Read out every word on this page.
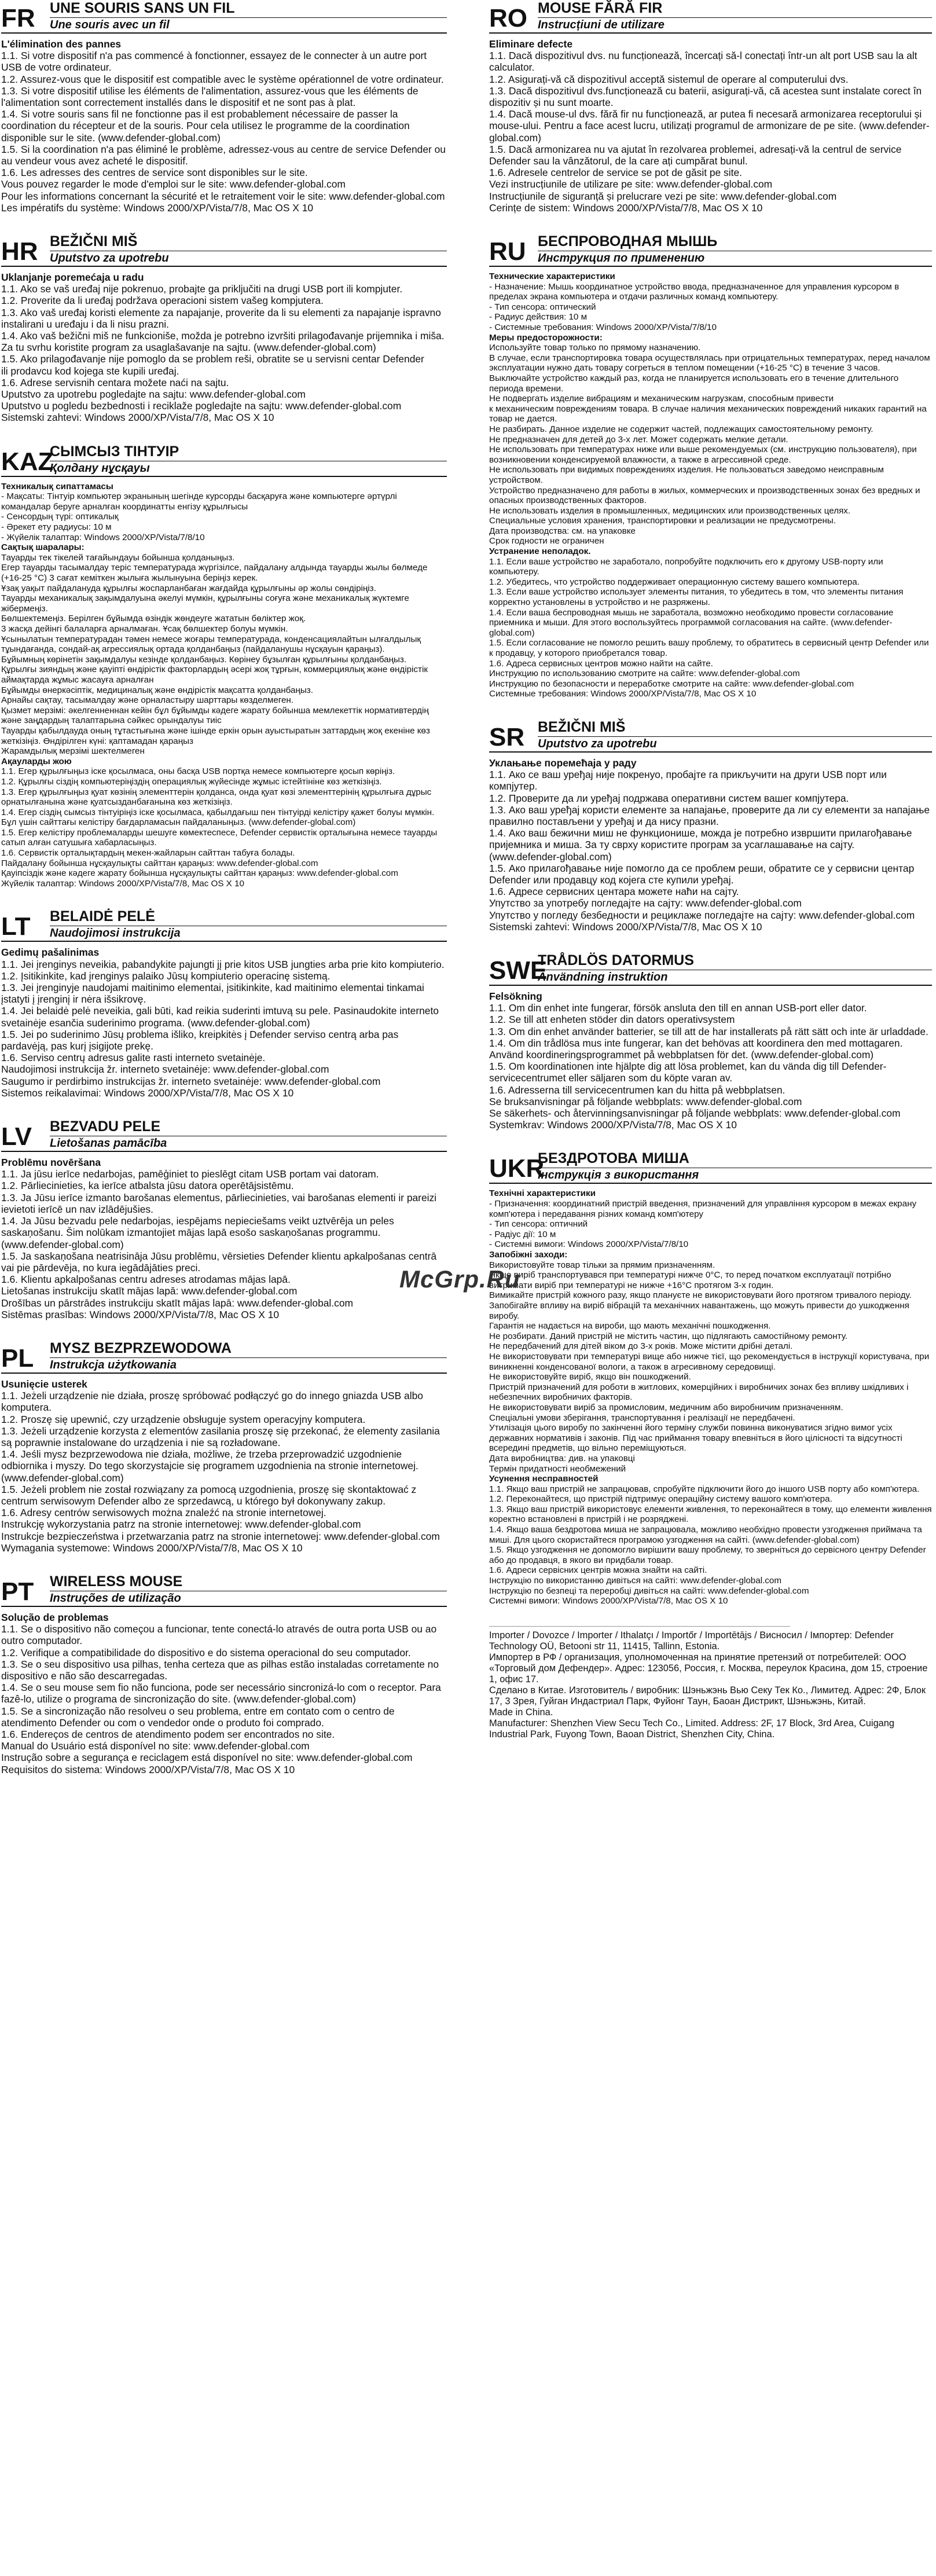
FR	UNE SOURIS SANS UN FIL
Une souris avec un fil

L'élimination des pannes

1.1. Si votre dispositif n'a pas commencé à fonctionner, essayez de le connecter à un autre port USB de votre ordinateur.

1.2. Assurez-vous que le dispositif est compatible avec le système opérationnel de votre ordinateur.

1.3. Si votre dispositif utilise les éléments de l'alimentation, assurez-vous que les éléments de l'alimentation sont correctement installés dans le dispositif et ne sont pas à plat.

1.4. Si votre souris sans fil ne fonctionne pas il est probablement nécessaire de passer la coordination du récepteur et de la souris. Pour cela utilisez le programme de la coordination disponible sur le site. (www.defender-global.com)

1.5. Si la coordination n'a pas éliminé le problème, adressez-vous au centre de service Defender ou au vendeur vous avez acheté le dispositif.

1.6. Les adresses des centres de service sont disponibles sur le site.

Vous pouvez regarder le mode d'emploi sur le site: www.defender-global.com

Pour les informations concernant la sécurité et le retraitement voir le site: www.defender-global.com

Les impératifs du système: Windows 2000/XP/Vista/7/8, Mac OS X 10

HR BEŽIČNI MIŠ
Uputstvo za upotrebu

Uklanjanje poremećaja u radu

1.1. Ako se vaš uređaj nije pokrenuo, probajte ga priključiti na drugi USB port ili kompjuter.

1.2. Proverite da li uređaj podržava operacioni sistem vašeg kompjutera.

1.3. Ako vaš uređaj koristi elemente za napajanje, proverite da li su elementi za napajanje ispravno instalirani u uređaju i da li nisu prazni.

1.4. Ako vaš bežični miš ne funkcioniše, možda je potrebno izvršiti prilagođavanje prijemnika i miša. Za tu svrhu koristite program za usaglašavanje na sajtu. (www.defender-global.com)

1.5. Ako prilagođavanje nije pomoglo da se problem reši, obratite se u servisni centar Defender

ili prodavcu kod kojega ste kupili uređaj.

1.6. Adrese servisnih centara možete naći na sajtu.

Uputstvo za upotrebu pogledajte na sajtu: www.defender-global.com

Uputstvo u pogledu bezbednosti i reciklaže pogledajte na sajtu: www.defender-global.com

Sistemski zahtevi: Windows 2000/XP/Vista/7/8, Mac OS X 10

KAZ
СЫМСЫЗ ТІНТУІР
Қолдану нұсқауы

Техникалық сипаттамасы

- Мақсаты: Тінтуір компьютер экранының шегінде курсорды басқаруға және компьютерге әртүрлі командалар беруге арналған координатты енгізу құрылғысы

- Сенсордың түрі: оптикалық

- Әрекет ету радиусы: 10 м

- Жүйелік талаптар: Windows 2000/XP/Vista/7/8/10

Сақтық шаралары:

Тауарды тек тікелей тағайындауы бойынша қолданыңыз.

Егер тауарды тасымалдау теріс температурада жүргізілсе, пайдалану алдында тауарды жылы бөлмеде (+16-25 °С) 3 сағат кеміткен жылыға жылынуына беріңіз керек.

Ұзақ уақыт пайдалануда құрылғы жоспарланбаған жағдайда құрылғыны әр жолы сөндіріңіз.

Тауарды механикалық зақымдалуына әкелуі мүмкін, құрылғыны соғуға және механикалық жүктемге жібермеңіз.

Бөлшектемеңіз. Берілген бұйымда өзіндік жөндеуге жататын бөліктер жоқ.

3 жасқа дейінгі балаларға арналмаған. Ұсақ бөлшектер болуы мүмкін.

Ұсынылатын температурадан тәмен немесе жоғары температурада, конденсациялайтын ылғалдылық тұындағанда, сондай-ақ агрессиялық ортада қолданбаңыз (пайдаланушы нұсқауын қараңыз).

Бұйымның көрінетін зақымдалуы кезінде қолданбаңыз. Көрінеу бұзылған құрылғыны қолданбаңыз.

Құрылғы зияндың және қауіпті өндірістік факторлардың әсері жоқ тұрғын, коммерциялық және өндірістік аймақтарда жұмыс жасауға арналған

Бұйымды өнеркәсіптік, медициналық және өндірістік мақсатта қолданбаңыз.

Арнайы сақтау, тасымалдау және орналастыру шарттары көзделмеген.

Қызмет мерзімі: әкелгенненнан кейін бұл бұйымды кәдеге жарату бойынша мемлекеттік нормативтердің және заңдардың талаптарына сәйкес орындалуы тиіс

Тауарды қабылдауда оның тұтастығына және ішінде еркін орын ауыстыратын заттардың жоқ екеніне көз жеткізіңіз. Өндірілген күні: қаптамадан қараңыз

Жарамдылық мерзімі шектелмеген

Ақауларды жою

1.1. Егер құрылғыңыз іске қосылмаса, оны басқа USB портқа немесе компьютерге қосып көріңіз.

1.2. Құрылғы сіздің компьютеріңіздің операциялық жүйесінде жұмыс істейтініне көз жеткізіңіз.

1.3. Егер құрылғыңыз қуат көзінің элементтерін қолданса, онда қуат көзі элементтерінің құрылғыға дұрыс орнатылғанына және қуатсызданбағанына көз жеткізіңіз.

1.4. Егер сіздің сымсыз тінтуіріңіз іске қосылмаса, қабылдағыш пен тінтуірді келістіру қажет болуы мүмкін. Бұл үшін сайттағы келістіру бағдарламасын пайдаланыңыз. (www.defender-global.com)

1.5. Егер келістіру проблемаларды шешуге көмектеспесе, Defender сервистік орталығына немесе тауарды сатып алған сатушыға хабарласыңыз.

1.6. Сервистік орталықтардың мекен-жайларын сайттан табуға болады.

Пайдалану бойынша нұсқаулықты сайттан қараңыз: www.defender-global.com

Қауіпсіздік және кәдеге жарату бойынша нұсқаулықты сайттан қараңыз: www.defender-global.com

Жүйелік талаптар: Windows 2000/XP/Vista/7/8, Mac OS X 10

LT	BELAIDĖ PELĖ
Naudojimosi instrukcija

Gedimų pašalinimas

1.1. Jei įrenginys neveikia, pabandykite pajungti jį prie kitos USB jungties arba prie kito kompiuterio.

1.2. Įsitikinkite, kad įrenginys palaiko Jūsų kompiuterio operacinę sistemą.

1.3. Jei įrenginyje naudojami maitinimo elementai, įsitikinkite, kad maitinimo elementai tinkamai įstatyti į įrenginį ir nėra išsikrovę.

1.4. Jei belaidė pelė neveikia, gali būti, kad reikia suderinti imtuvą su pele. Pasinaudokite interneto svetainėje esančia suderinimo programa. (www.defender-global.com)

1.5. Jei po suderinimo Jūsų problema išliko, kreipkitės į Defender serviso centrą arba pas pardavėją, pas kurį įsigijote prekę.

1.6. Serviso centrų adresus galite rasti interneto svetainėje.

Naudojimosi instrukcija žr. interneto svetainėje: www.defender-global.com

Saugumo ir perdirbimo instrukcijas žr. interneto svetainėje: www.defender-global.com

Sistemos reikalavimai: Windows 2000/XP/Vista/7/8, Mac OS X 10

LV	BEZVADU PELE
Lietošanas pamācība

Problēmu novēršana

1.1. Ja jūsu ierīce nedarbojas, pamēģiniet to pieslēgt citam USB portam vai datoram.

1.2. Pārliecinieties, ka ierīce atbalsta jūsu datora operētājsistēmu.

1.3. Ja Jūsu ierīce izmanto barošanas elementus, pārliecinieties, vai barošanas elementi ir pareizi ievietoti ierīcē un nav izlādējušies.

1.4. Ja Jūsu bezvadu pele nedarbojas, iespējams nepieciešams veikt uztvērēja un peles saskaņošanu. Šim nolūkam izmantojiet mājas lapā esošo saskaņošanas programmu. (www.defender-global.com)

1.5. Ja saskaņošana neatrisināja Jūsu problēmu, vērsieties Defender klientu apkalpošanas centrā vai pie pārdevēja, no kura iegādājāties preci.

1.6. Klientu apkalpošanas centru adreses atrodamas mājas lapā.

Lietošanas instrukciju skatīt mājas lapā: www.defender-global.com

Drošības un pārstrādes instrukciju skatīt mājas lapā: www.defender-global.com

Sistēmas prasības: Windows 2000/XP/Vista/7/8, Mac OS X 10

PL	MYSZ BEZPRZEWODOWA
Instrukcja użytkowania

Usunięcie usterek

1.1. Jeżeli urządzenie nie działa, proszę spróbować podłączyć go do innego gniazda USB albo komputera.

1.2. Proszę się upewnić, czy urządzenie obsługuje system operacyjny komputera.

1.3. Jeżeli urządzenie korzysta z elementów zasilania proszę się przekonać, że elementy zasilania są poprawnie instalowane do urządzenia i nie są rozładowane.

1.4. Jeśli mysz bezprzewodowa nie działa, możliwe, że trzeba przeprowadzić uzgodnienie odbiornika i myszy. Do tego skorzystajcie się programem uzgodnienia na stronie internetowej. (www.defender-global.com)

1.5. Jeżeli problem nie został rozwiązany za pomocą uzgodnienia, proszę się skontaktować z centrum serwisowym Defender albo ze sprzedawcą, u którego był dokonywany zakup.

1.6. Adresy centrów serwisowych można znaleźć na stronie internetowej.

Instrukcję wykorzystania patrz na stronie internetowej: www.defender-global.com

Instrukcje bezpieczeństwa i przetwarzania patrz na stronie internetowej: www.defender-global.com

Wymagania systemowe: Windows 2000/XP/Vista/7/8, Mac OS X 10

PT	WIRELESS MOUSE
Instruções de utilização

Solução de problemas

1.1. Se o dispositivo não começou a funcionar, tente conectá-lo através de outra porta USB ou ao outro computador.

1.2. Verifique a compatibilidade do dispositivo e do sistema operacional do seu computador.

1.3. Se o seu dispositivo usa pilhas, tenha certeza que as pilhas estão instaladas corretamente no dispositivo e não são descarregadas.

1.4. Se o seu mouse sem fio não funciona, pode ser necessário sincronizá-lo com o receptor. Para fazê-lo, utilize o programa de sincronização do site. (www.defender-global.com)

1.5. Se a sincronização não resolveu o seu problema, entre em contato com o centro de atendimento Defender ou com o vendedor onde o produto foi comprado.

1.6. Endereços de centros de atendimento podem ser encontrados no site.

Manual do Usuário está disponível no site: www.defender-global.com

Instrução sobre a segurança e reciclagem está disponível no site: www.defender-global.com

Requisitos do sistema: Windows 2000/XP/Vista/7/8, Mac OS X 10

RO MOUSE FĂRĂ FIR
Instrucțiuni de utilizare

Eliminare defecte

1.1. Dacă dispozitivul dvs. nu funcționează, încercați să-l conectați într-un alt port USB sau la alt calculator.

1.2. Asigurați-vă că dispozitivul acceptă sistemul de operare al computerului dvs.

1.3. Dacă dispozitivul dvs.funcționează cu baterii, asigurați-vă, că acestea sunt instalate corect în dispozitiv și nu sunt moarte.

1.4. Dacă mouse-ul dvs. fără fir nu funcționează, ar putea fi necesară armonizarea receptorului și mouse-ului. Pentru a face acest lucru, utilizați programul de armonizare de pe site. (www.defender-global.com)

1.5. Dacă armonizarea nu va ajutat în rezolvarea problemei, adresați-vă la centrul de service Defender sau la vânzătorul, de la care ați cumpărat bunul.

1.6. Adresele centrelor de service se pot de găsit pe site.

Vezi instrucțiunile de utilizare pe site: www.defender-global.com

Instrucțiunile de siguranță și prelucrare vezi pe site: www.defender-global.com

Cerințe de sistem: Windows 2000/XP/Vista/7/8, Mac OS X 10

RU БЕСПРОВОДНАЯ МЫШЬ
Инструкция по применению

Технические характеристики

- Назначение: Мышь координатное устройство ввода, предназначенное для управления курсором в пределах экрана компьютера и отдачи различных команд компьютеру.

- Тип сенсора: оптический

- Радиус действия: 10 м

- Системные требования: Windows 2000/XP/Vista/7/8/10

Меры предосторожности:

Используйте товар только по прямому назначению.

В случае, если транспортировка товара осуществлялась при отрицательных температурах, перед началом эксплуатации нужно дать товару согреться в теплом помещении (+16-25 °С) в течение 3 часов.

Выключайте устройство каждый раз, когда не планируется использовать его в течение длительного периода времени.

Не подвергать изделие вибрациям и механическим нагрузкам, способным привести

к механическим повреждениям товара. В случае наличия механических повреждений никаких гарантий на товар не дается.

Не разбирать. Данное изделие не содержит частей, подлежащих самостоятельному ремонту.

Не предназначен для детей до 3-х лет. Может содержать мелкие детали.

Не использовать при температурах ниже или выше рекомендуемых (см. инструкцию пользователя), при возникновении конденсируемой влажности, а также в агрессивной среде.

Не использовать при видимых повреждениях изделия. Не пользоваться заведомо неисправным устройством.

Устройство предназначено для работы в жилых, коммерческих и производственных зонах без вредных и опасных производственных факторов.

Не использовать изделия в промышленных, медицинских или производственных целях.

Специальные условия хранения, транспортировки и реализации не предусмотрены.

Дата производства: см. на упаковке

Срок годности не ограничен

Устранение неполадок.

1.1. Если ваше устройство не заработало, попробуйте подключить его к другому USB-порту или компьютеру.

1.2. Убедитесь, что устройство поддерживает операционную систему вашего компьютера.

1.3. Если ваше устройство использует элементы питания, то убедитесь в том, что элементы питания корректно установлены в устройство и не разряжены.

1.4. Если ваша беспроводная мышь не заработала, возможно необходимо провести согласование приемника и мыши. Для этого воспользуйтесь программой согласования на сайте. (www.defender-global.com)

1.5. Если согласование не помогло решить вашу проблему, то обратитесь в сервисный центр Defender или к продавцу, у которого приобретался товар.

1.6. Адреса сервисных центров можно найти на сайте.

Инструкцию по использованию смотрите на сайте: www.defender-global.com

Инструкцию по безопасности и переработке смотрите на сайте: www.defender-global.com

Системные требования: Windows 2000/XP/Vista/7/8, Mac OS X 10

SR BEŽIČNI MIŠ
Uputstvo za upotrebu

Уклањање поремећаја у раду

1.1. Ако се ваш уређај није покренуо, пробајте га прикључити на други USB порт или компјутер.

1.2. Проверите да ли уређај подржава оперативни систем вашег компјутера.

1.3. Ако ваш уређај користи елементе за напајање, проверите да ли су елементи за напајање правилно постављени у уређај и да нису празни.

1.4. Ако ваш бежични миш не функционише, можда је потребно извршити прилагођавање пријемника и миша. За ту сврху користите програм за усаглашавање на сајту.

(www.defender-global.com)

1.5. Ако прилагођавање није помогло да се проблем реши, обратите се у сервисни центар Defender или продавцу код којега сте купили уређај.

1.6. Адресе сервисних центара можете наћи на сајту.

Упутство за употребу погледајте на сајту: www.defender-global.com

Упутство у погледу безбедности и рециклаже погледајте на сајту: www.defender-global.com

Sistemski zahtevi: Windows 2000/XP/Vista/7/8, Mac OS X 10

SWE
TRÅDLÖS DATORMUS
Användning instruktion

Felsökning

1.1. Om din enhet inte fungerar, försök ansluta den till en annan USB-port eller dator.

1.2. Se till att enheten stöder din dators operativsystem

1.3. Om din enhet använder batterier, se till att de har installerats på rätt sätt och inte är urladdade.

1.4. Om din trådlösa mus inte fungerar, kan det behövas att koordinera den med mottagaren. Använd koordineringsprogrammet på webbplatsen för det. (www.defender-global.com)

1.5. Om koordinationen inte hjälpte dig att lösa problemet, kan du vända dig till Defender-servicecentrumet eller säljaren som du köpte varan av.

1.6. Adresserna till servicecentrumen kan du hitta på webbplatsen.

Se bruksanvisningar på följande webbplats: www.defender-global.com

Se säkerhets- och återvinningsanvisningar på följande webbplats: www.defender-global.com

Systemkrav: Windows 2000/XP/Vista/7/8, Mac OS X 10

UKR
БЕЗДРОТОВА МИША
Інструкція з використання

Технічні характеристики

- Призначення: координатний пристрій введення, призначений для управління курсором в межах екрану комп'ютера і передавання різних команд комп'ютеру

- Тип сенсора: оптичний

- Радіус дії: 10 м

- Системні вимоги: Windows 2000/XP/Vista/7/8/10

Запобіжні заходи:

Використовуйте товар тільки за прямим призначенням.

Якщо виріб транспортувався при температурі нижче 0°С, то перед початком експлуатації потрібно витримати виріб при температурі не нижче +16°С протягом 3-х годин.

Вимикайте пристрій кожного разу, якщо плануєте не використовувати його протягом тривалого періоду.

Запобігайте впливу на виріб вібрацій та механічних навантажень, що можуть привести до ушкодження виробу.

Гарантія не надається на вироби, що мають механічні пошкодження.

Не розбирати. Даний пристрій не містить частин, що підлягають самостійному ремонту.

Не передбачений для дітей віком до 3-х років. Може містити дрібні деталі.

Не використовувати при температурі вище або нижче тієї, що рекомендується в інструкції користувача, при виникненні конденсованої вологи, а також в агресивному середовищі.

Не використовуйте виріб, якщо він пошкоджений.

Пристрій призначений для роботи в житлових, комерційних і виробничих зонах без впливу шкідливих і небезпечних виробничих факторів.

Не використовувати виріб за промисловим, медичним або виробничим призначенням.

Спеціальні умови зберігання, транспортування і реалізації не передбачені.

Утилізація цього виробу по закінченні його терміну служби повинна виконуватися згідно вимог усіх державних нормативів і законів. Під час приймання товару впевніться в його цілісності та відсутності всередині предметів, що вільно переміщуються.

Дата виробництва: див. на упаковці

Термін придатності необмежений

Усунення несправностей

1.1. Якщо ваш пристрій не запрацював, спробуйте підключити його до іншого USB порту або комп'ютера.

1.2. Переконайтеся, що пристрій підтримує операційну систему вашого комп'ютера.

1.3. Якщо ваш пристрій використовує елементи живлення, то переконайтеся в тому, що елементи живлення коректно встановлені в пристрій і не розряджені.

1.4. Якщо ваша бездротова миша не запрацювала, можливо необхідно провести узгодження приймача та миші. Для цього скористайтеся програмою узгодження на сайті. (www.defender-global.com)

1.5. Якщо узгодження не допомогло вирішити вашу проблему, то зверніться до сервісного центру Defender або до продавця, в якого ви придбали товар.

1.6. Адреси сервісних центрів можна знайти на сайті.

Інструкцію по використанню дивіться на сайті: www.defender-global.com

Інструкцію по безпеці та переробці дивіться на сайті: www.defender-global.com

Системні вимоги: Windows 2000/XP/Vista/7/8, Mac OS X 10

Importer / Dovozce / Importer / Ithalatçı / Importőr / Importētājs / Висносил / Імпортер: Defender Technology OÜ, Betooni str 11, 11415, Tallinn, Estonia.

Импортер в РФ / организация, уполномоченная на принятие претензий от потребителей: ООО «Торговый дом Дефендер». Адрес: 123056, Россия, г. Москва, переулок Красина, дом 15, строение 1, офис 17.

Сделано в Китае. Изготовитель / виробник: Шэньжэнь Вью Секу Тек Ко., Лимитед. Адрес: 2Ф, Блок 17, 3 Зрея, Гуйган Индастриал Парк, Фуйонг Таун, Баоан Дистрикт, Шэньжэнь, Китай.

Made in China.

Manufacturer: Shenzhen View Secu Tech Co., Limited. Address: 2F, 17 Block, 3rd Area, Cuigang Industrial Park, Fuyong Town, Baoan District, Shenzhen City, China.

McGrp.Ru
